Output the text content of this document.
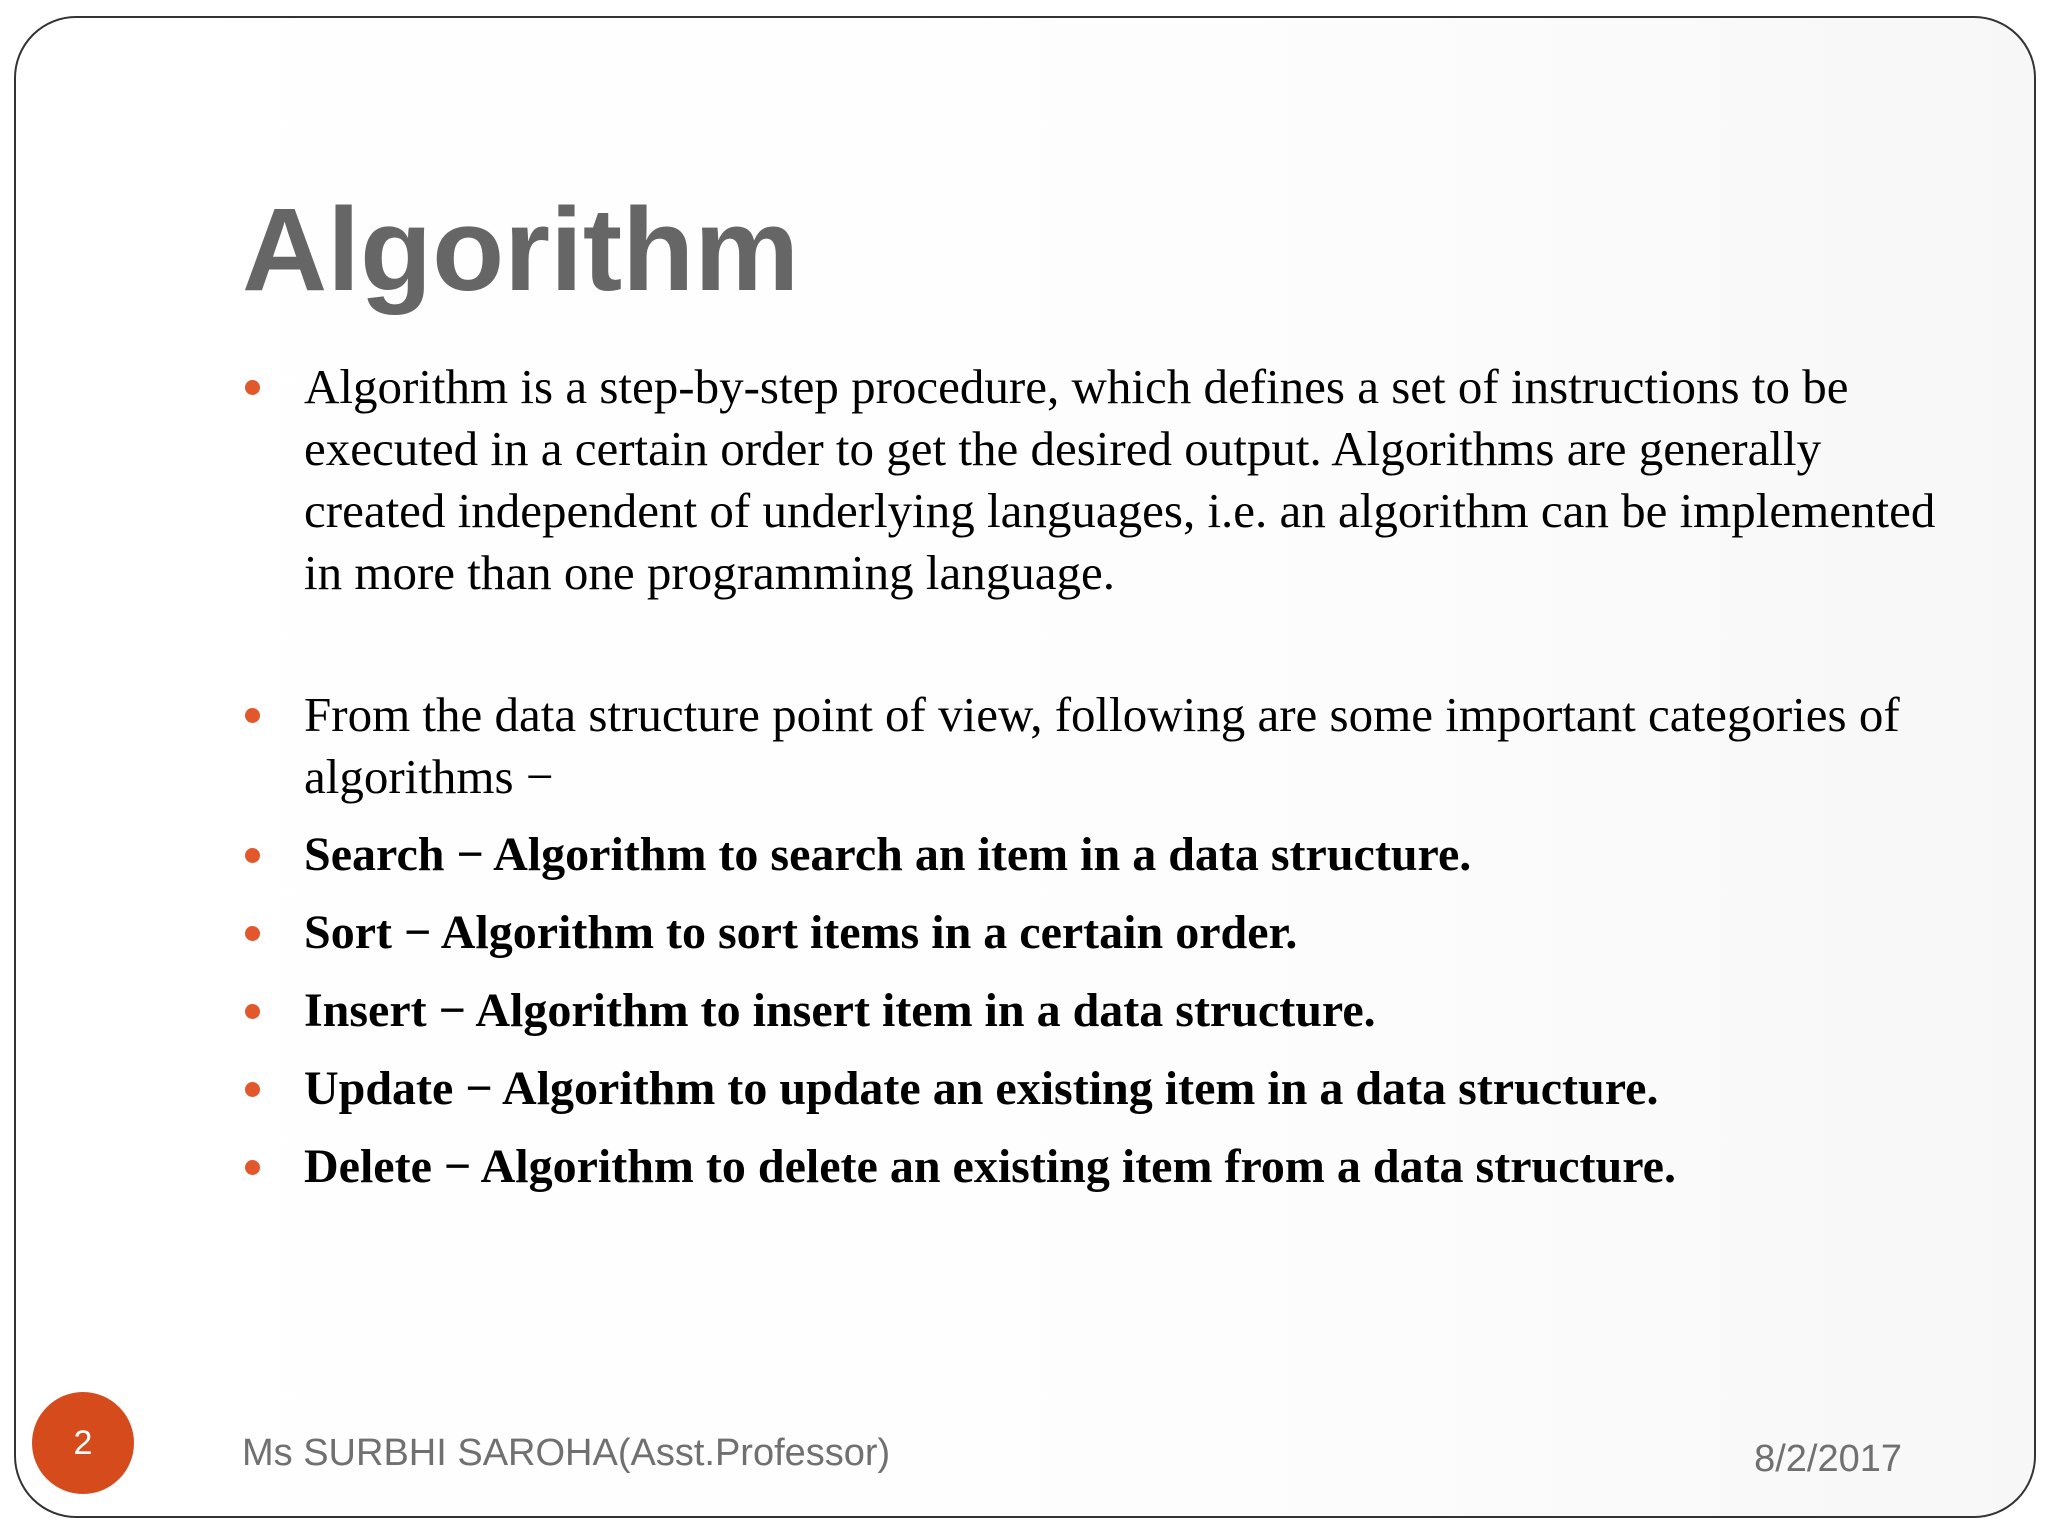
Algorithm
Algorithm is a step-by-step procedure, which defines a set of instructions to be executed in a certain order to get the desired output. Algorithms are generally created independent of underlying languages, i.e. an algorithm can be implemented in more than one programming language.
From the data structure point of view, following are some important categories of algorithms −
Search − Algorithm to search an item in a data structure.
Sort − Algorithm to sort items in a certain order.
Insert − Algorithm to insert item in a data structure.
Update − Algorithm to update an existing item in a data structure.
Delete − Algorithm to delete an existing item from a data structure.
Ms SURBHI SAROHA(Asst.Professor)	8/2/2017
2
